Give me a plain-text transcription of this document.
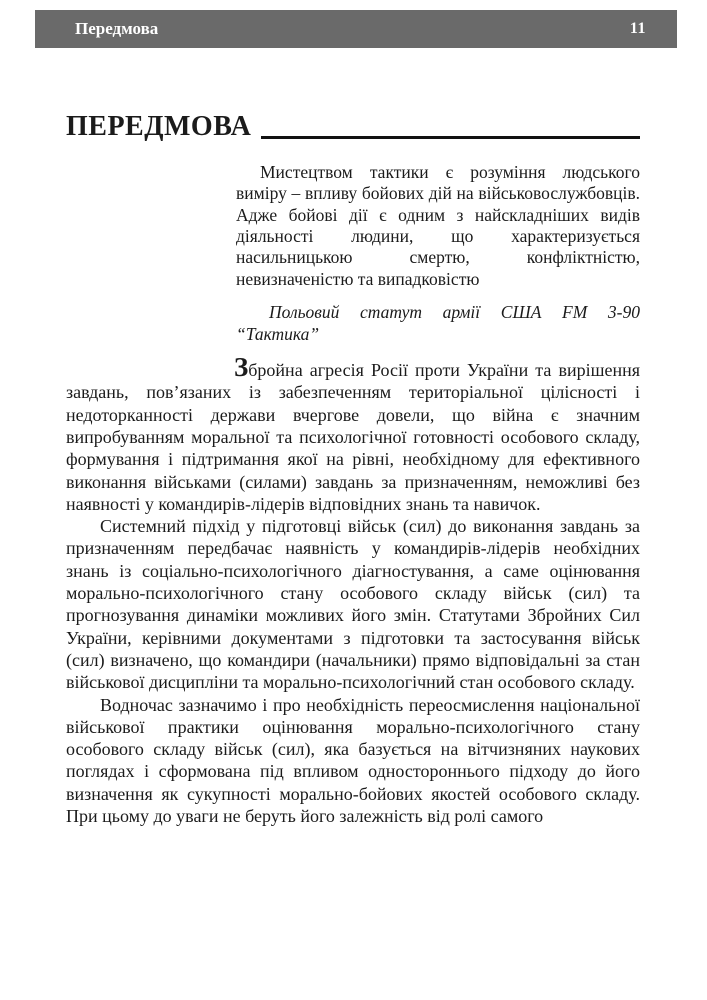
Передмова	11
ПЕРЕДМОВА
Мистецтвом тактики є розуміння людського виміру – впливу бойових дій на військовослужбовців. Адже бойові дії є одним з найскладніших видів діяльності людини, що характеризується насильницькою смертю, конфліктністю, невизначеністю та випадковістю
Польовий статут армії США FM 3-90 “Тактика”

Збройна агресія Росії проти України та вирішення завдань, пов’язаних із забезпеченням територіальної цілісності і недоторканності держави вчергове довели, що війна є значним випробуванням моральної та психологічної готовності особового складу, формування і підтримання якої на рівні, необхідному для ефективного виконання військами (силами) завдань за призначенням, неможливі без наявності у командирів-лідерів відповідних знань та навичок.

Системний підхід у підготовці військ (сил) до виконання завдань за призначенням передбачає наявність у командирів-лідерів необхідних знань із соціально-психологічного діагностування, а саме оцінювання морально-психологічного стану особового складу військ (сил) та прогнозування динаміки можливих його змін. Статутами Збройних Сил України, керівними документами з підготовки та застосування військ (сил) визначено, що командири (начальники) прямо відповідальні за стан військової дисципліни та морально-психологічний стан особового складу.

Водночас зазначимо і про необхідність переосмислення національної військової практики оцінювання морально-психологічного стану особового складу військ (сил), яка базується на вітчизняних наукових поглядах і сформована під впливом одностороннього підходу до його визначення як сукупності морально-бойових якостей особового складу. При цьому до уваги не беруть його залежність від ролі самого
